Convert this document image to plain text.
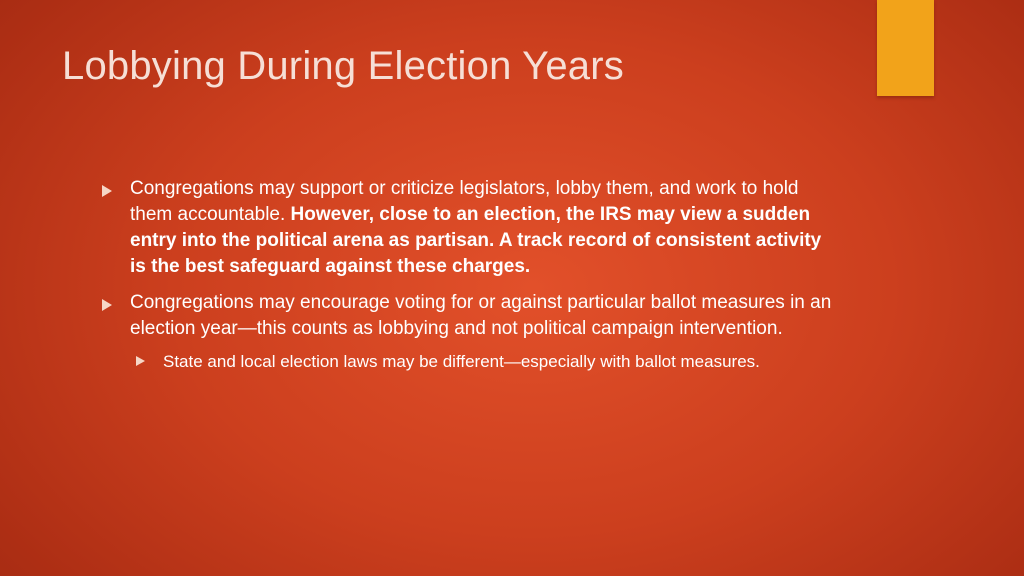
Lobbying During Election Years
Congregations may support or criticize legislators, lobby them, and work to hold them accountable. However, close to an election, the IRS may view a sudden entry into the political arena as partisan. A track record of consistent activity is the best safeguard against these charges.
Congregations may encourage voting for or against particular ballot measures in an election year—this counts as lobbying and not political campaign intervention.
State and local election laws may be different—especially with ballot measures.
